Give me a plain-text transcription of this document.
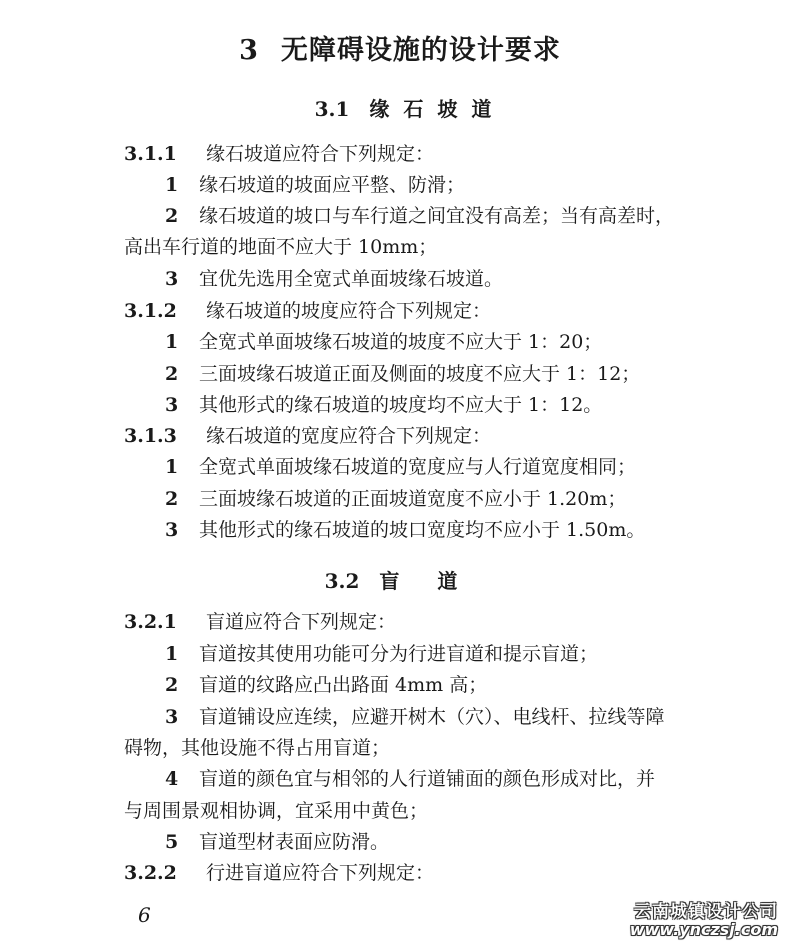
3 无障碍设施的设计要求
3.1 缘石坡道
3.1.1 缘石坡道应符合下列规定：
1 缘石坡道的坡面应平整、防滑；
2 缘石坡道的坡口与车行道之间宜没有高差；当有高差时，
高出车行道的地面不应大于 10mm；
3 宜优先选用全宽式单面坡缘石坡道。
3.1.2 缘石坡道的坡度应符合下列规定：
1 全宽式单面坡缘石坡道的坡度不应大于 1：20；
2 三面坡缘石坡道正面及侧面的坡度不应大于 1：12；
3 其他形式的缘石坡道的坡度均不应大于 1：12。
3.1.3 缘石坡道的宽度应符合下列规定：
1 全宽式单面坡缘石坡道的宽度应与人行道宽度相同；
2 三面坡缘石坡道的正面坡道宽度不应小于 1.20m；
3 其他形式的缘石坡道的坡口宽度均不应小于 1.50m。
3.2 盲道
3.2.1 盲道应符合下列规定：
1 盲道按其使用功能可分为行进盲道和提示盲道；
2 盲道的纹路应凸出路面 4mm 高；
3 盲道铺设应连续，应避开树木（穴）、电线杆、拉线等障
碍物，其他设施不得占用盲道；
4 盲道的颜色宜与相邻的人行道铺面的颜色形成对比，并
与周围景观相协调，宜采用中黄色；
5 盲道型材表面应防滑。
3.2.2 行进盲道应符合下列规定：
6	云南城镇设计公司
www.ynczsj.com
